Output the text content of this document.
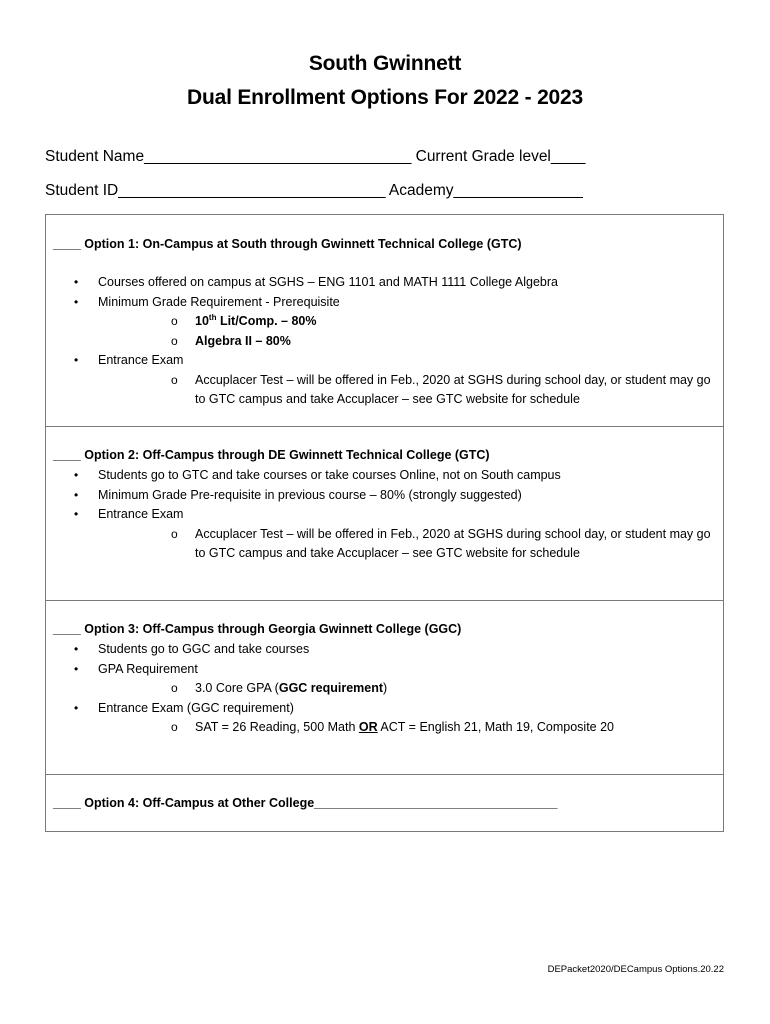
South Gwinnett
Dual Enrollment Options For 2022 - 2023
Student Name_______________________________ Current Grade level____
Student ID_______________________________ Academy_______________
____ Option 1: On-Campus at South through Gwinnett Technical College (GTC)
• Courses offered on campus at SGHS – ENG 1101 and MATH 1111 College Algebra
• Minimum Grade Requirement - Prerequisite
o 10th Lit/Comp. – 80%
o Algebra II – 80%
• Entrance Exam
o Accuplacer Test – will be offered in Feb., 2020 at SGHS during school day, or student may go to GTC campus and take Accuplacer – see GTC website for schedule
____ Option 2: Off-Campus through DE Gwinnett Technical College (GTC)
• Students go to GTC and take courses or take courses Online, not on South campus
• Minimum Grade Pre-requisite in previous course – 80% (strongly suggested)
• Entrance Exam
o Accuplacer Test – will be offered in Feb., 2020 at SGHS during school day, or student may go to GTC campus and take Accuplacer – see GTC website for schedule
____ Option 3: Off-Campus through Georgia Gwinnett College (GGC)
• Students go to GGC and take courses
• GPA Requirement
o 3.0 Core GPA (GGC requirement)
• Entrance Exam (GGC requirement)
o SAT = 26 Reading, 500 Math OR ACT = English 21, Math 19, Composite 20
____ Option 4: Off-Campus at Other College___________________________________
DEPacket2020/DECampus Options.20.22
